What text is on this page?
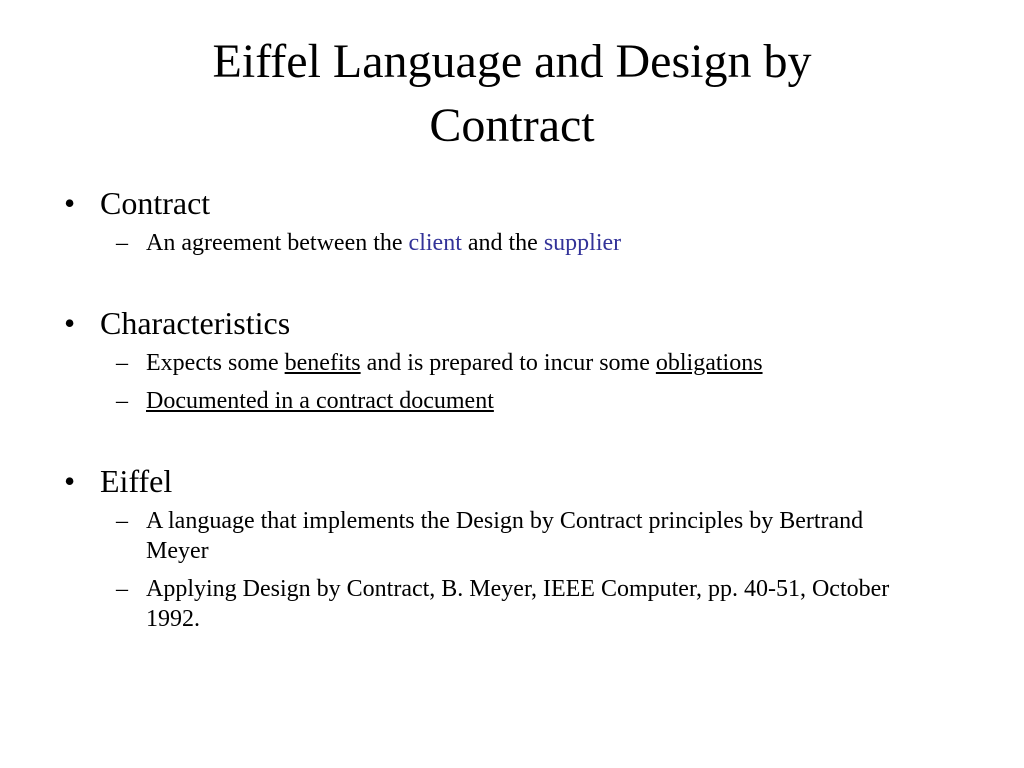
Eiffel Language and Design by
Contract
• Contract
– An agreement between the client and the supplier
• Characteristics
– Expects some benefits and is prepared to incur some obligations
– Documented in a contract document
• Eiffel
– A language that implements the Design by Contract principles by Bertrand Meyer
– Applying Design by Contract, B. Meyer, IEEE Computer, pp. 40-51, October 1992.
